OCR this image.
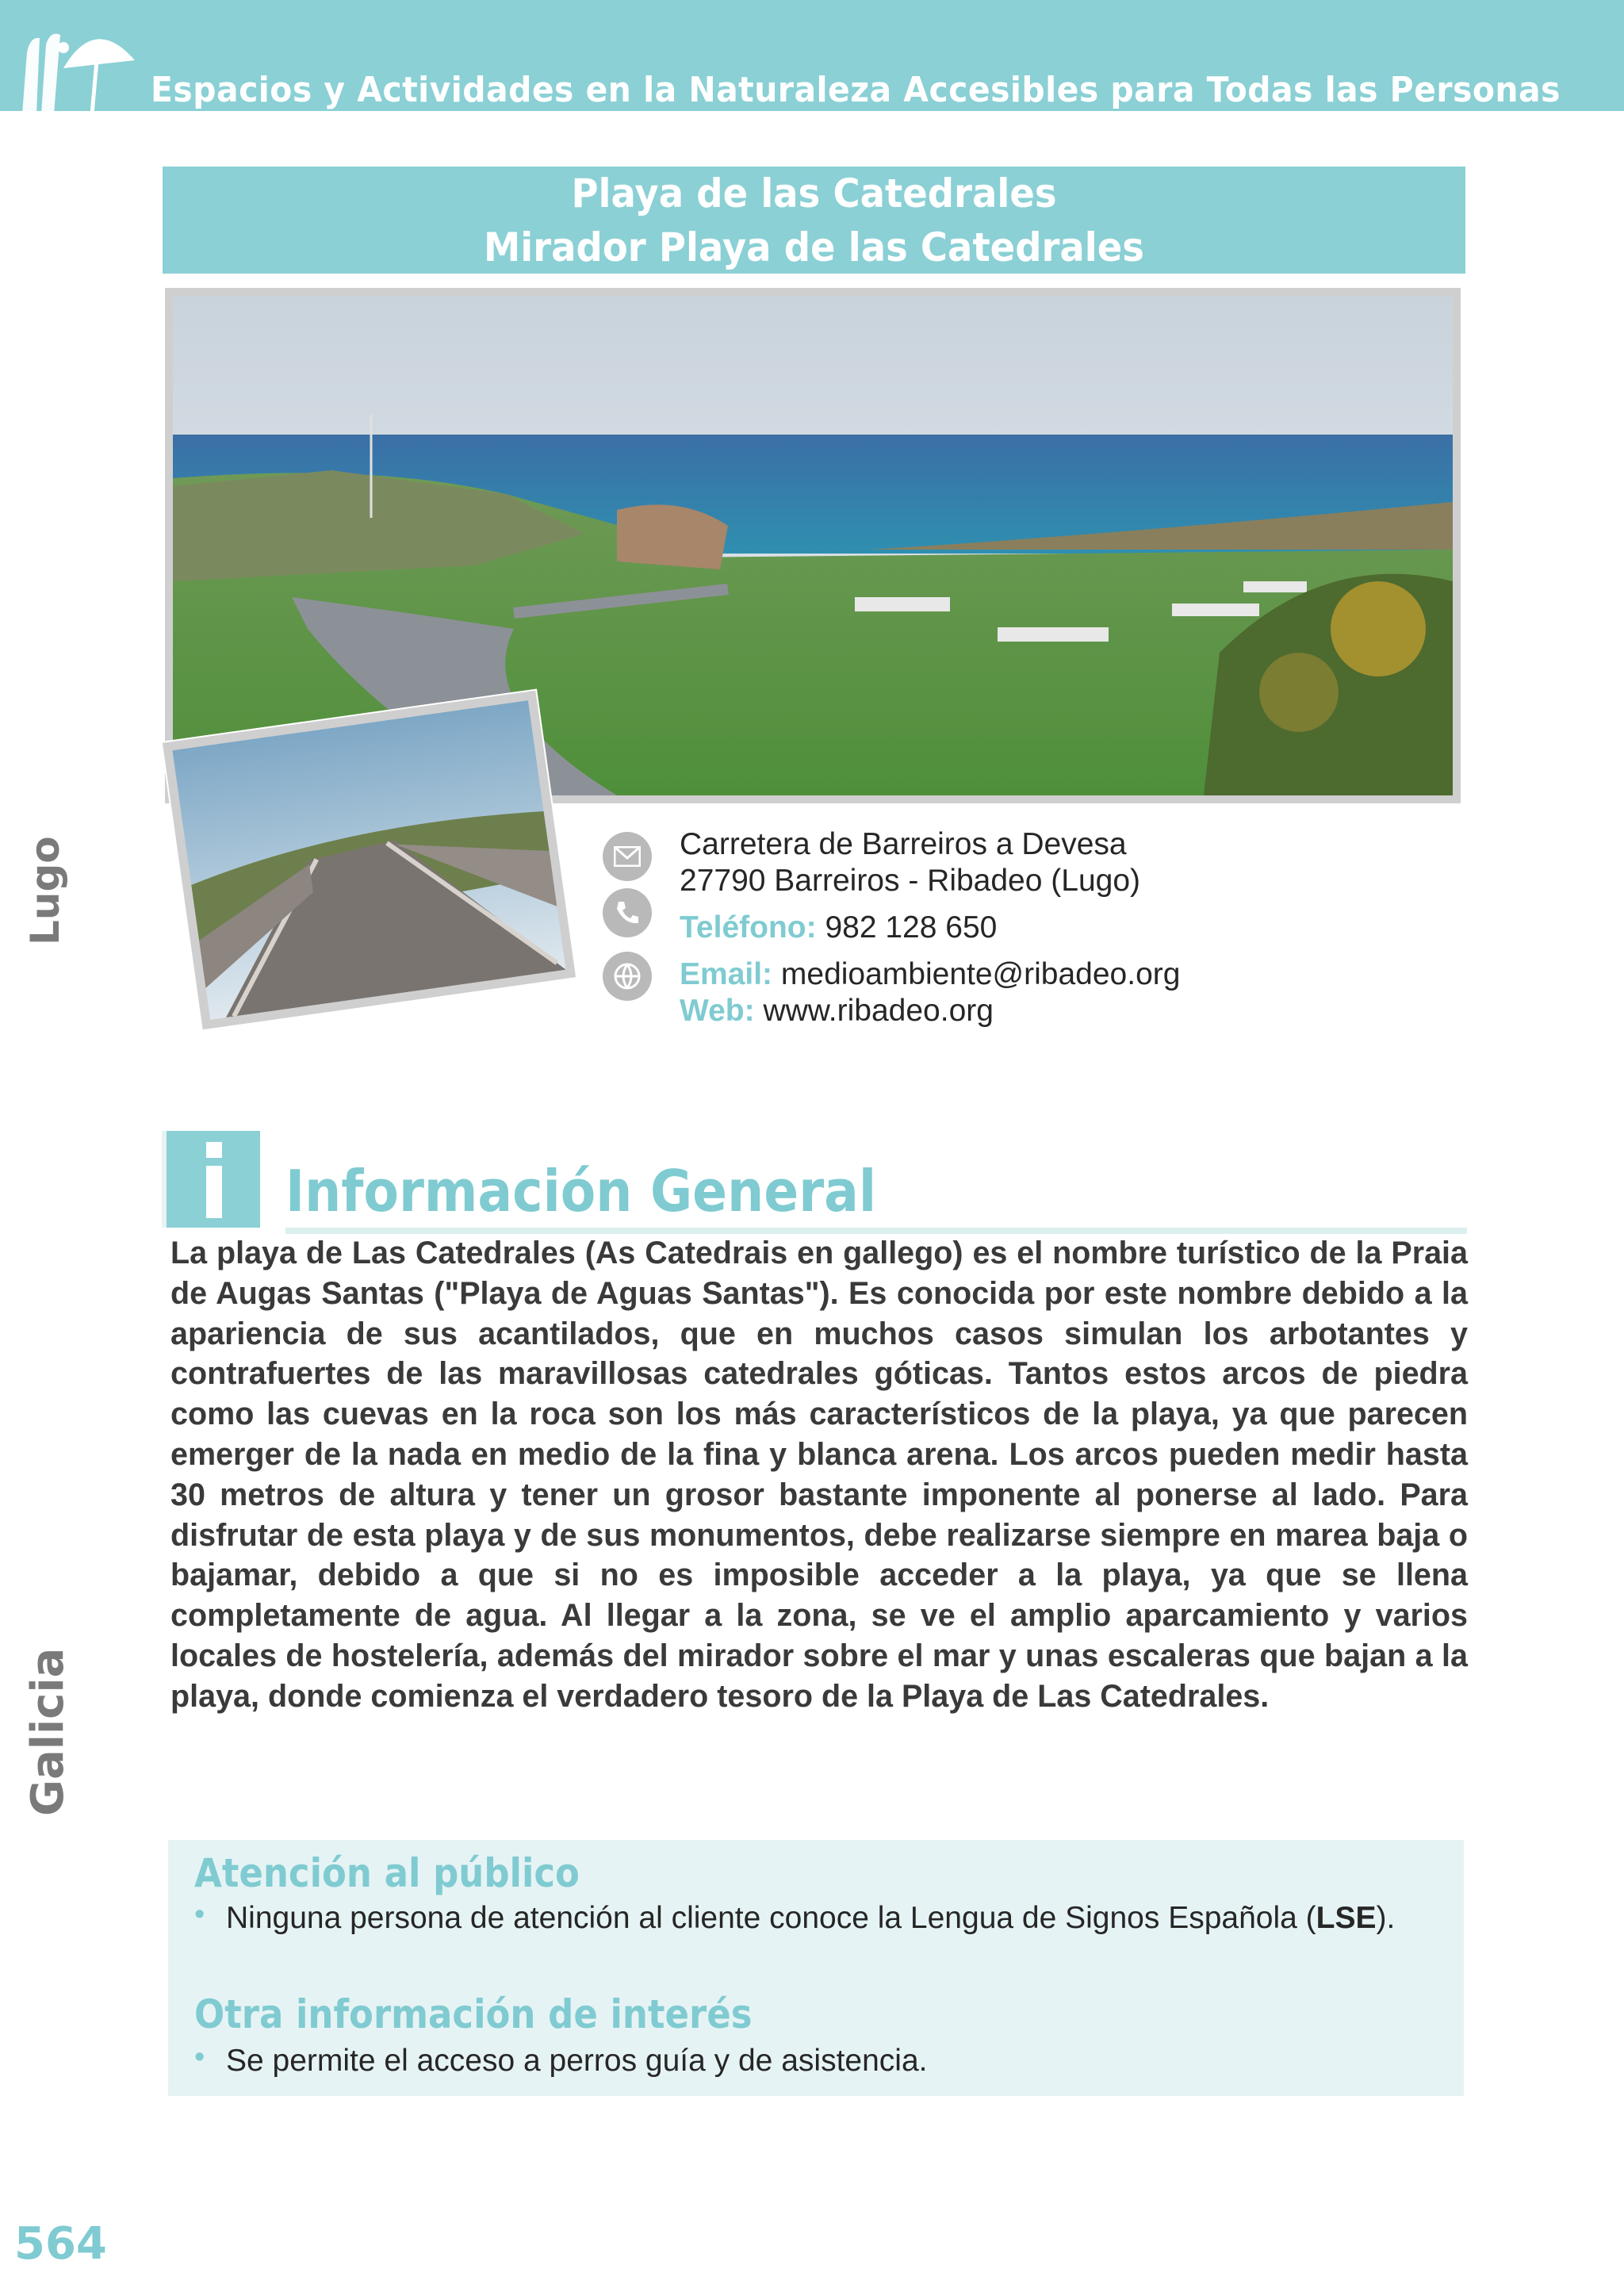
Espacios y Actividades en la Naturaleza Accesibles para Todas las Personas
Playa de las Catedrales
Mirador Playa de las Catedrales
Carretera de Barreiros a Devesa
27790 Barreiros - Ribadeo (Lugo)
Teléfono: 982 128 650
Email: medioambiente@ribadeo.org
Web: www.ribadeo.org
Información General
La playa de Las Catedrales (As Catedrais en gallego) es el nombre turístico de la Praia de Augas Santas ("Playa de Aguas Santas"). Es conocida por este nombre debido a la apariencia de sus acantilados, que en muchos casos simulan los arbotantes y contrafuertes de las maravillosas catedrales góticas. Tantos estos arcos de piedra como las cuevas en la roca son los más característicos de la playa, ya que parecen emerger de la nada en medio de la fina y blanca arena. Los arcos pueden medir hasta 30 metros de altura y tener un grosor bastante imponente al ponerse al lado. Para disfrutar de esta playa y de sus monumentos, debe realizarse siempre en marea baja o bajamar, debido a que si no es imposible acceder a la playa, ya que se llena completamente de agua. Al llegar a la zona, se ve el amplio aparcamiento y varios locales de hostelería, además del mirador sobre el mar y unas escaleras que bajan a la playa, donde comienza el verdadero tesoro de la Playa de Las Catedrales.
Atención al público
• Ninguna persona de atención al cliente conoce la Lengua de Signos Española (LSE).
Otra información de interés
• Se permite el acceso a perros guía y de asistencia.
Lugo
Galicia
564
